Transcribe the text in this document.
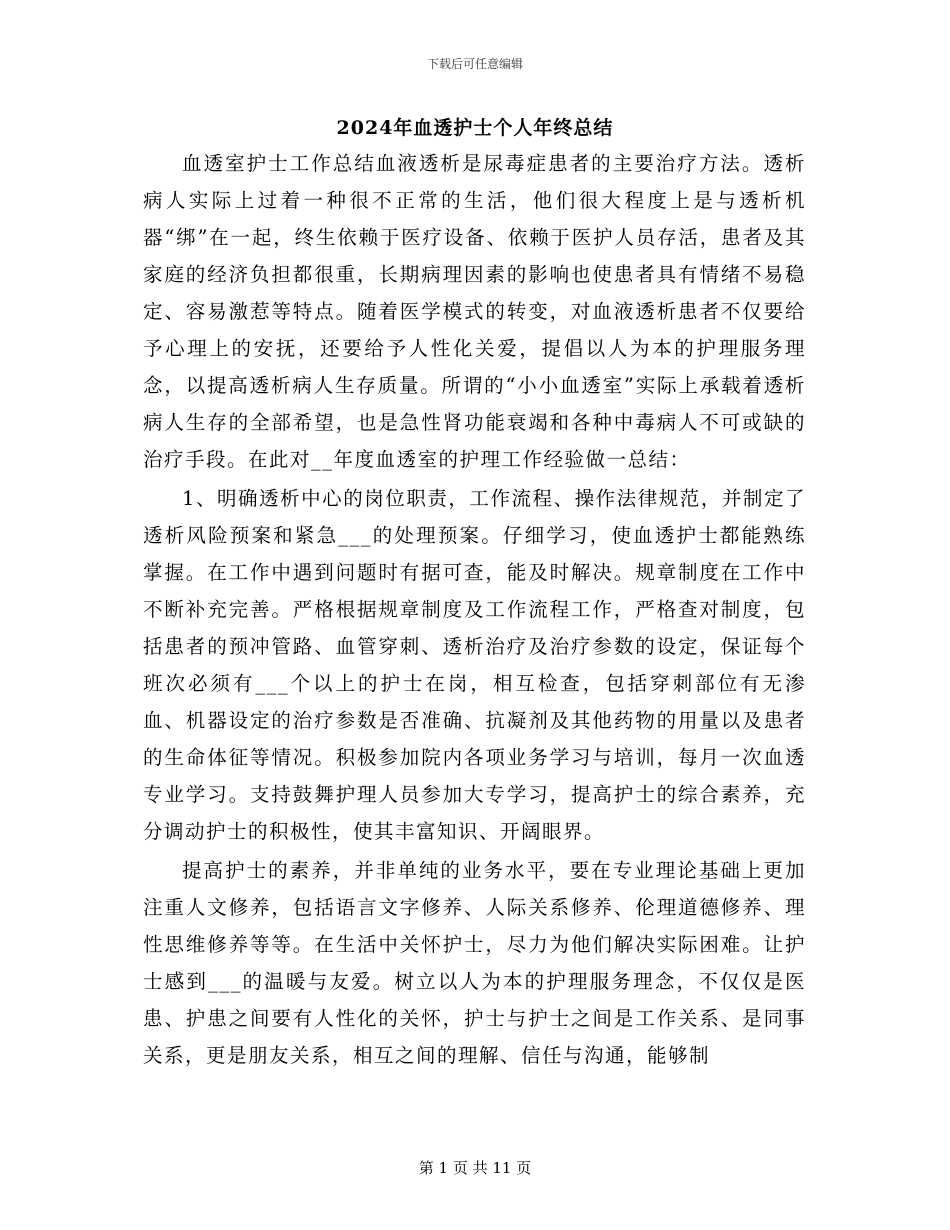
下载后可任意编辑
2024年血透护士个人年终总结

血透室护士工作总结血液透析是尿毒症患者的主要治疗方法。透析病人实际上过着一种很不正常的生活，他们很大程度上是与透析机器“绑”在一起，终生依赖于医疗设备、依赖于医护人员存活，患者及其家庭的经济负担都很重，长期病理因素的影响也使患者具有情绪不易稳定、容易激惹等特点。随着医学模式的转变，对血液透析患者不仅要给予心理上的安抚，还要给予人性化关爱，提倡以人为本的护理服务理念，以提高透析病人生存质量。所谓的“小小血透室”实际上承载着透析病人生存的全部希望，也是急性肾功能衰竭和各种中毒病人不可或缺的治疗手段。在此对__年度血透室的护理工作经验做一总结：

1、明确透析中心的岗位职责，工作流程、操作法律规范，并制定了透析风险预案和紧急___的处理预案。仔细学习，使血透护士都能熟练掌握。在工作中遇到问题时有据可查，能及时解决。规章制度在工作中不断补充完善。严格根据规章制度及工作流程工作，严格查对制度，包括患者的预冲管路、血管穿刺、透析治疗及治疗参数的设定，保证每个班次必须有___个以上的护士在岗，相互检查，包括穿刺部位有无渗血、机器设定的治疗参数是否准确、抗凝剂及其他药物的用量以及患者的生命体征等情况。积极参加院内各项业务学习与培训，每月一次血透专业学习。支持鼓舞护理人员参加大专学习，提高护士的综合素养，充分调动护士的积极性，使其丰富知识、开阔眼界。

提高护士的素养，并非单纯的业务水平，要在专业理论基础上更加注重人文修养，包括语言文字修养、人际关系修养、伦理道德修养、理性思维修养等等。在生活中关怀护士，尽力为他们解决实际困难。让护士感到___的温暖与友爱。树立以人为本的护理服务理念，不仅仅是医患、护患之间要有人性化的关怀，护士与护士之间是工作关系、是同事关系，更是朋友关系，相互之间的理解、信任与沟通，能够制

第 1 页 共 11 页
